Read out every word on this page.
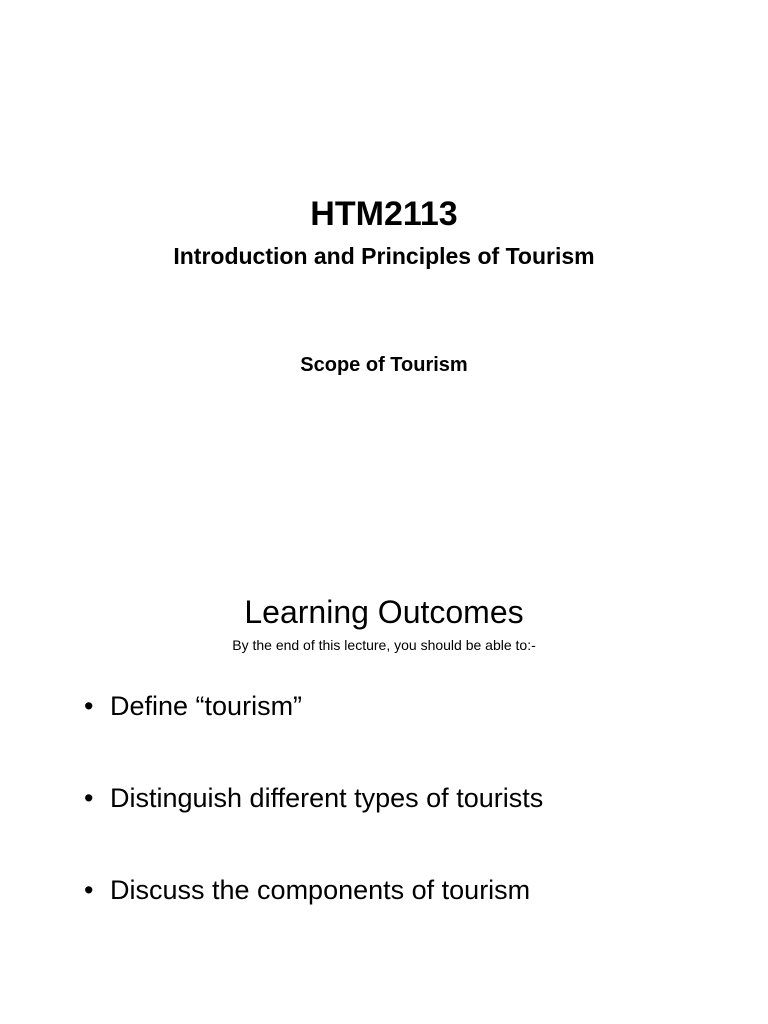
HTM2113
Introduction and Principles of Tourism
Scope of Tourism
Learning Outcomes
By the end of this lecture, you should be able to:-
• Define “tourism”
• Distinguish different types of tourists
• Discuss the components of tourism
